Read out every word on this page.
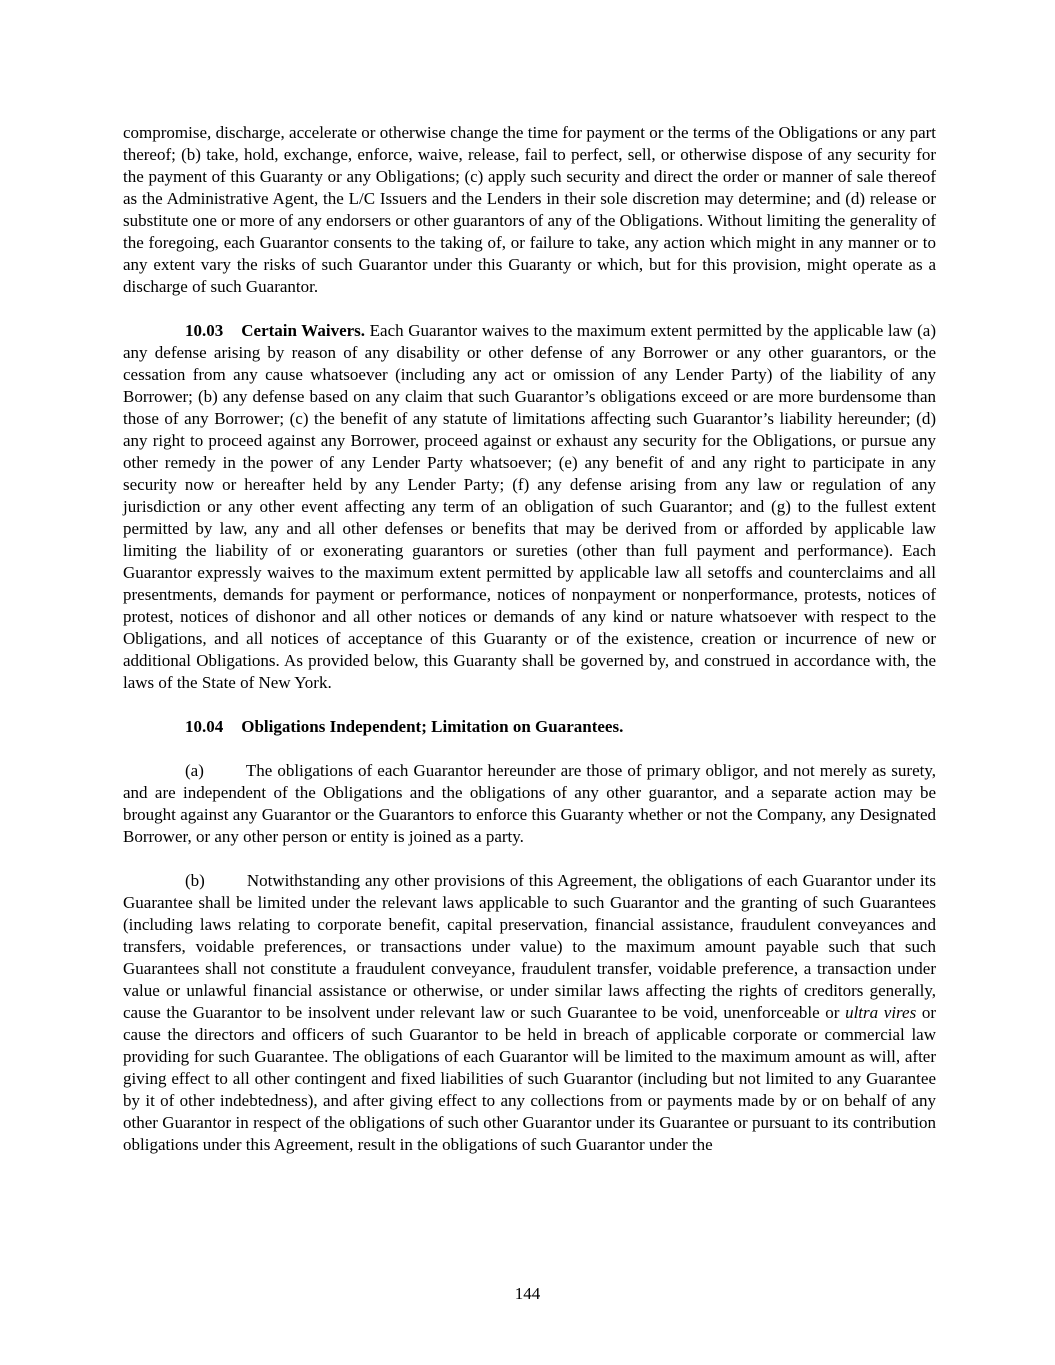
compromise, discharge, accelerate or otherwise change the time for payment or the terms of the Obligations or any part thereof; (b) take, hold, exchange, enforce, waive, release, fail to perfect, sell, or otherwise dispose of any security for the payment of this Guaranty or any Obligations; (c) apply such security and direct the order or manner of sale thereof as the Administrative Agent, the L/C Issuers and the Lenders in their sole discretion may determine; and (d) release or substitute one or more of any endorsers or other guarantors of any of the Obligations. Without limiting the generality of the foregoing, each Guarantor consents to the taking of, or failure to take, any action which might in any manner or to any extent vary the risks of such Guarantor under this Guaranty or which, but for this provision, might operate as a discharge of such Guarantor.

10.03 Certain Waivers. Each Guarantor waives to the maximum extent permitted by the applicable law (a) any defense arising by reason of any disability or other defense of any Borrower or any other guarantors, or the cessation from any cause whatsoever (including any act or omission of any Lender Party) of the liability of any Borrower; (b) any defense based on any claim that such Guarantor’s obligations exceed or are more burdensome than those of any Borrower; (c) the benefit of any statute of limitations affecting such Guarantor’s liability hereunder; (d) any right to proceed against any Borrower, proceed against or exhaust any security for the Obligations, or pursue any other remedy in the power of any Lender Party whatsoever; (e) any benefit of and any right to participate in any security now or hereafter held by any Lender Party; (f) any defense arising from any law or regulation of any jurisdiction or any other event affecting any term of an obligation of such Guarantor; and (g) to the fullest extent permitted by law, any and all other defenses or benefits that may be derived from or afforded by applicable law limiting the liability of or exonerating guarantors or sureties (other than full payment and performance). Each Guarantor expressly waives to the maximum extent permitted by applicable law all setoffs and counterclaims and all presentments, demands for payment or performance, notices of nonpayment or nonperformance, protests, notices of protest, notices of dishonor and all other notices or demands of any kind or nature whatsoever with respect to the Obligations, and all notices of acceptance of this Guaranty or of the existence, creation or incurrence of new or additional Obligations. As provided below, this Guaranty shall be governed by, and construed in accordance with, the laws of the State of New York.

10.04 Obligations Independent; Limitation on Guarantees.

(a) The obligations of each Guarantor hereunder are those of primary obligor, and not merely as surety, and are independent of the Obligations and the obligations of any other guarantor, and a separate action may be brought against any Guarantor or the Guarantors to enforce this Guaranty whether or not the Company, any Designated Borrower, or any other person or entity is joined as a party.

(b) Notwithstanding any other provisions of this Agreement, the obligations of each Guarantor under its Guarantee shall be limited under the relevant laws applicable to such Guarantor and the granting of such Guarantees (including laws relating to corporate benefit, capital preservation, financial assistance, fraudulent conveyances and transfers, voidable preferences, or transactions under value) to the maximum amount payable such that such Guarantees shall not constitute a fraudulent conveyance, fraudulent transfer, voidable preference, a transaction under value or unlawful financial assistance or otherwise, or under similar laws affecting the rights of creditors generally, cause the Guarantor to be insolvent under relevant law or such Guarantee to be void, unenforceable or ultra vires or cause the directors and officers of such Guarantor to be held in breach of applicable corporate or commercial law providing for such Guarantee. The obligations of each Guarantor will be limited to the maximum amount as will, after giving effect to all other contingent and fixed liabilities of such Guarantor (including but not limited to any Guarantee by it of other indebtedness), and after giving effect to any collections from or payments made by or on behalf of any other Guarantor in respect of the obligations of such other Guarantor under its Guarantee or pursuant to its contribution obligations under this Agreement, result in the obligations of such Guarantor under the

144
